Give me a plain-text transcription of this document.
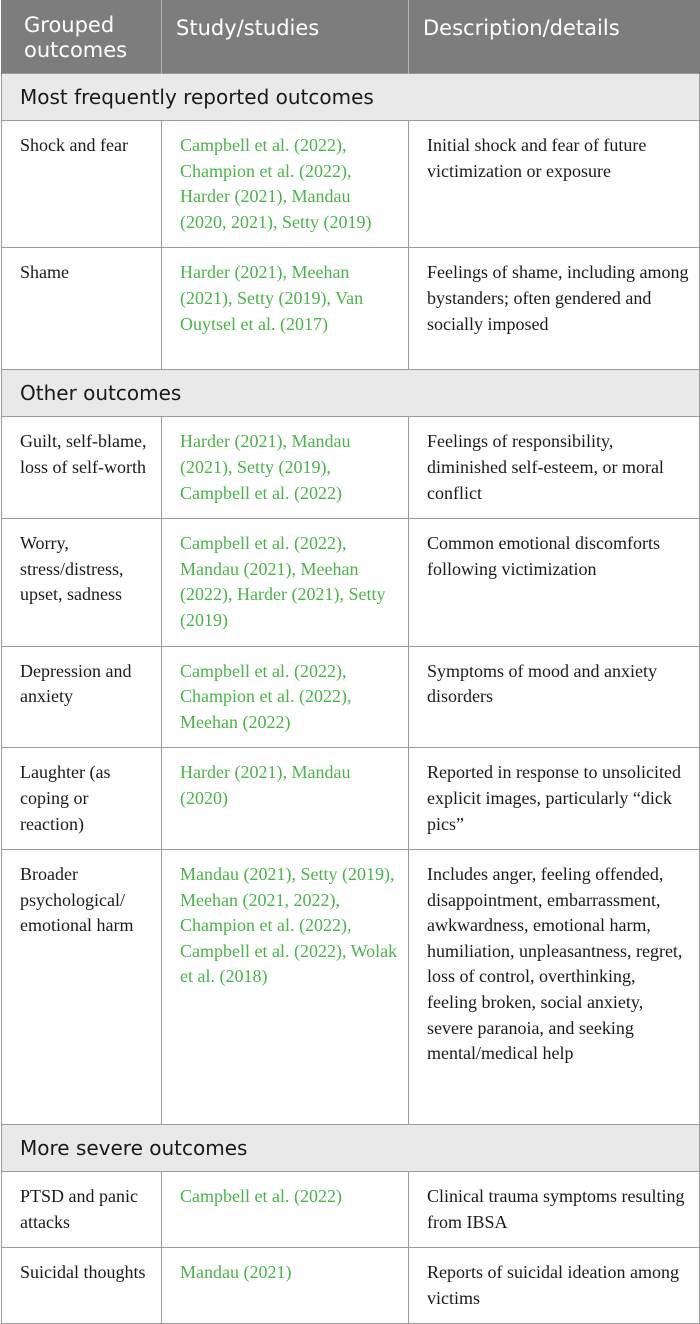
Grouped outcomes	Study/studies	Description/details
Most frequently reported outcomes		
Shock and fear	Campbell et al. (2022), Champion et al. (2022), Harder (2021), Mandau (2020, 2021), Setty (2019)	Initial shock and fear of future victimization or exposure
Shame	Harder (2021), Meehan (2021), Setty (2019), Van Ouytsel et al. (2017)	Feelings of shame, including among bystanders; often gendered and socially imposed
Other outcomes		
Guilt, self-blame, loss of self-worth	Harder (2021), Mandau (2021), Setty (2019), Campbell et al. (2022)	Feelings of responsibility, diminished self-esteem, or moral conflict
Worry, stress/distress, upset, sadness	Campbell et al. (2022), Mandau (2021), Meehan (2022), Harder (2021), Setty (2019)	Common emotional discomforts following victimization
Depression and anxiety	Campbell et al. (2022), Champion et al. (2022), Meehan (2022)	Symptoms of mood and anxiety disorders
Laughter (as coping or reaction)	Harder (2021), Mandau (2020)	Reported in response to unsolicited explicit images, particularly “dick pics”
Broader psychological/ emotional harm	Mandau (2021), Setty (2019), Meehan (2021, 2022), Champion et al. (2022), Campbell et al. (2022), Wolak et al. (2018)	Includes anger, feeling offended, disappointment, embarrassment, awkwardness, emotional harm, humiliation, unpleasantness, regret, loss of control, overthinking, feeling broken, social anxiety, severe paranoia, and seeking mental/medical help
More severe outcomes		
PTSD and panic attacks	Campbell et al. (2022)	Clinical trauma symptoms resulting from IBSA
Suicidal thoughts	Mandau (2021)	Reports of suicidal ideation among victims
